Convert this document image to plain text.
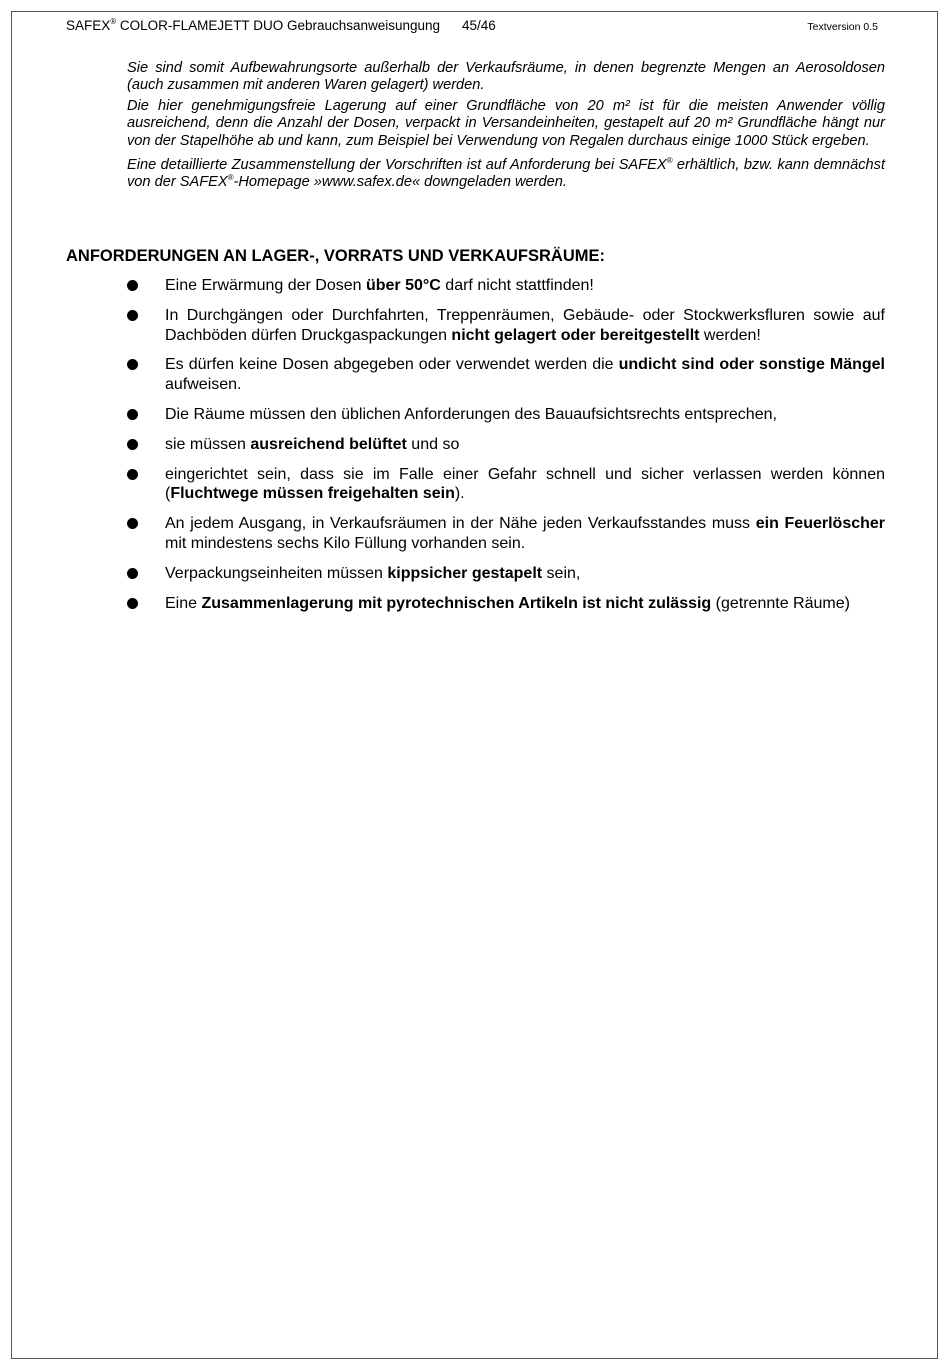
SAFEX® COLOR-FLAMEJETT DUO Gebrauchsanweisungung 45/46	Textversion 0.5

Sie sind somit Aufbewahrungsorte außerhalb der Verkaufsräume, in denen begrenzte Mengen an Aerosoldosen (auch zusammen mit anderen Waren gelagert) werden.

Die hier genehmigungsfreie Lagerung auf einer Grundfläche von 20 m² ist für die meisten Anwender völlig ausreichend, denn die Anzahl der Dosen, verpackt in Versandeinheiten, gestapelt auf 20 m² Grundfläche hängt nur von der Stapelhöhe ab und kann, zum Beispiel bei Verwendung von Regalen durchaus einige 1000 Stück ergeben.

Eine detaillierte Zusammenstellung der Vorschriften ist auf Anforderung bei SAFEX® erhältlich, bzw. kann demnächst von der SAFEX®-Homepage »www.safex.de« downgeladen werden.

ANFORDERUNGEN AN LAGER-, VORRATS UND VERKAUFSRÄUME:
Eine Erwärmung der Dosen über 50°C darf nicht stattfinden!
In Durchgängen oder Durchfahrten, Treppenräumen, Gebäude- oder Stockwerksfluren sowie auf Dachböden dürfen Druckgaspackungen nicht gelagert oder bereitgestellt werden!
Es dürfen keine Dosen abgegeben oder verwendet werden die undicht sind oder sonstige Mängel aufweisen.
Die Räume müssen den üblichen Anforderungen des Bauaufsichtsrechts entsprechen,
sie müssen ausreichend belüftet und so
eingerichtet sein, dass sie im Falle einer Gefahr schnell und sicher verlassen werden können (Fluchtwege müssen freigehalten sein).
An jedem Ausgang, in Verkaufsräumen in der Nähe jeden Verkaufsstandes muss ein Feuerlöscher mit mindestens sechs Kilo Füllung vorhanden sein.
Verpackungseinheiten müssen kippsicher gestapelt sein,
Eine Zusammenlagerung mit pyrotechnischen Artikeln ist nicht zulässig (getrennte Räume)
